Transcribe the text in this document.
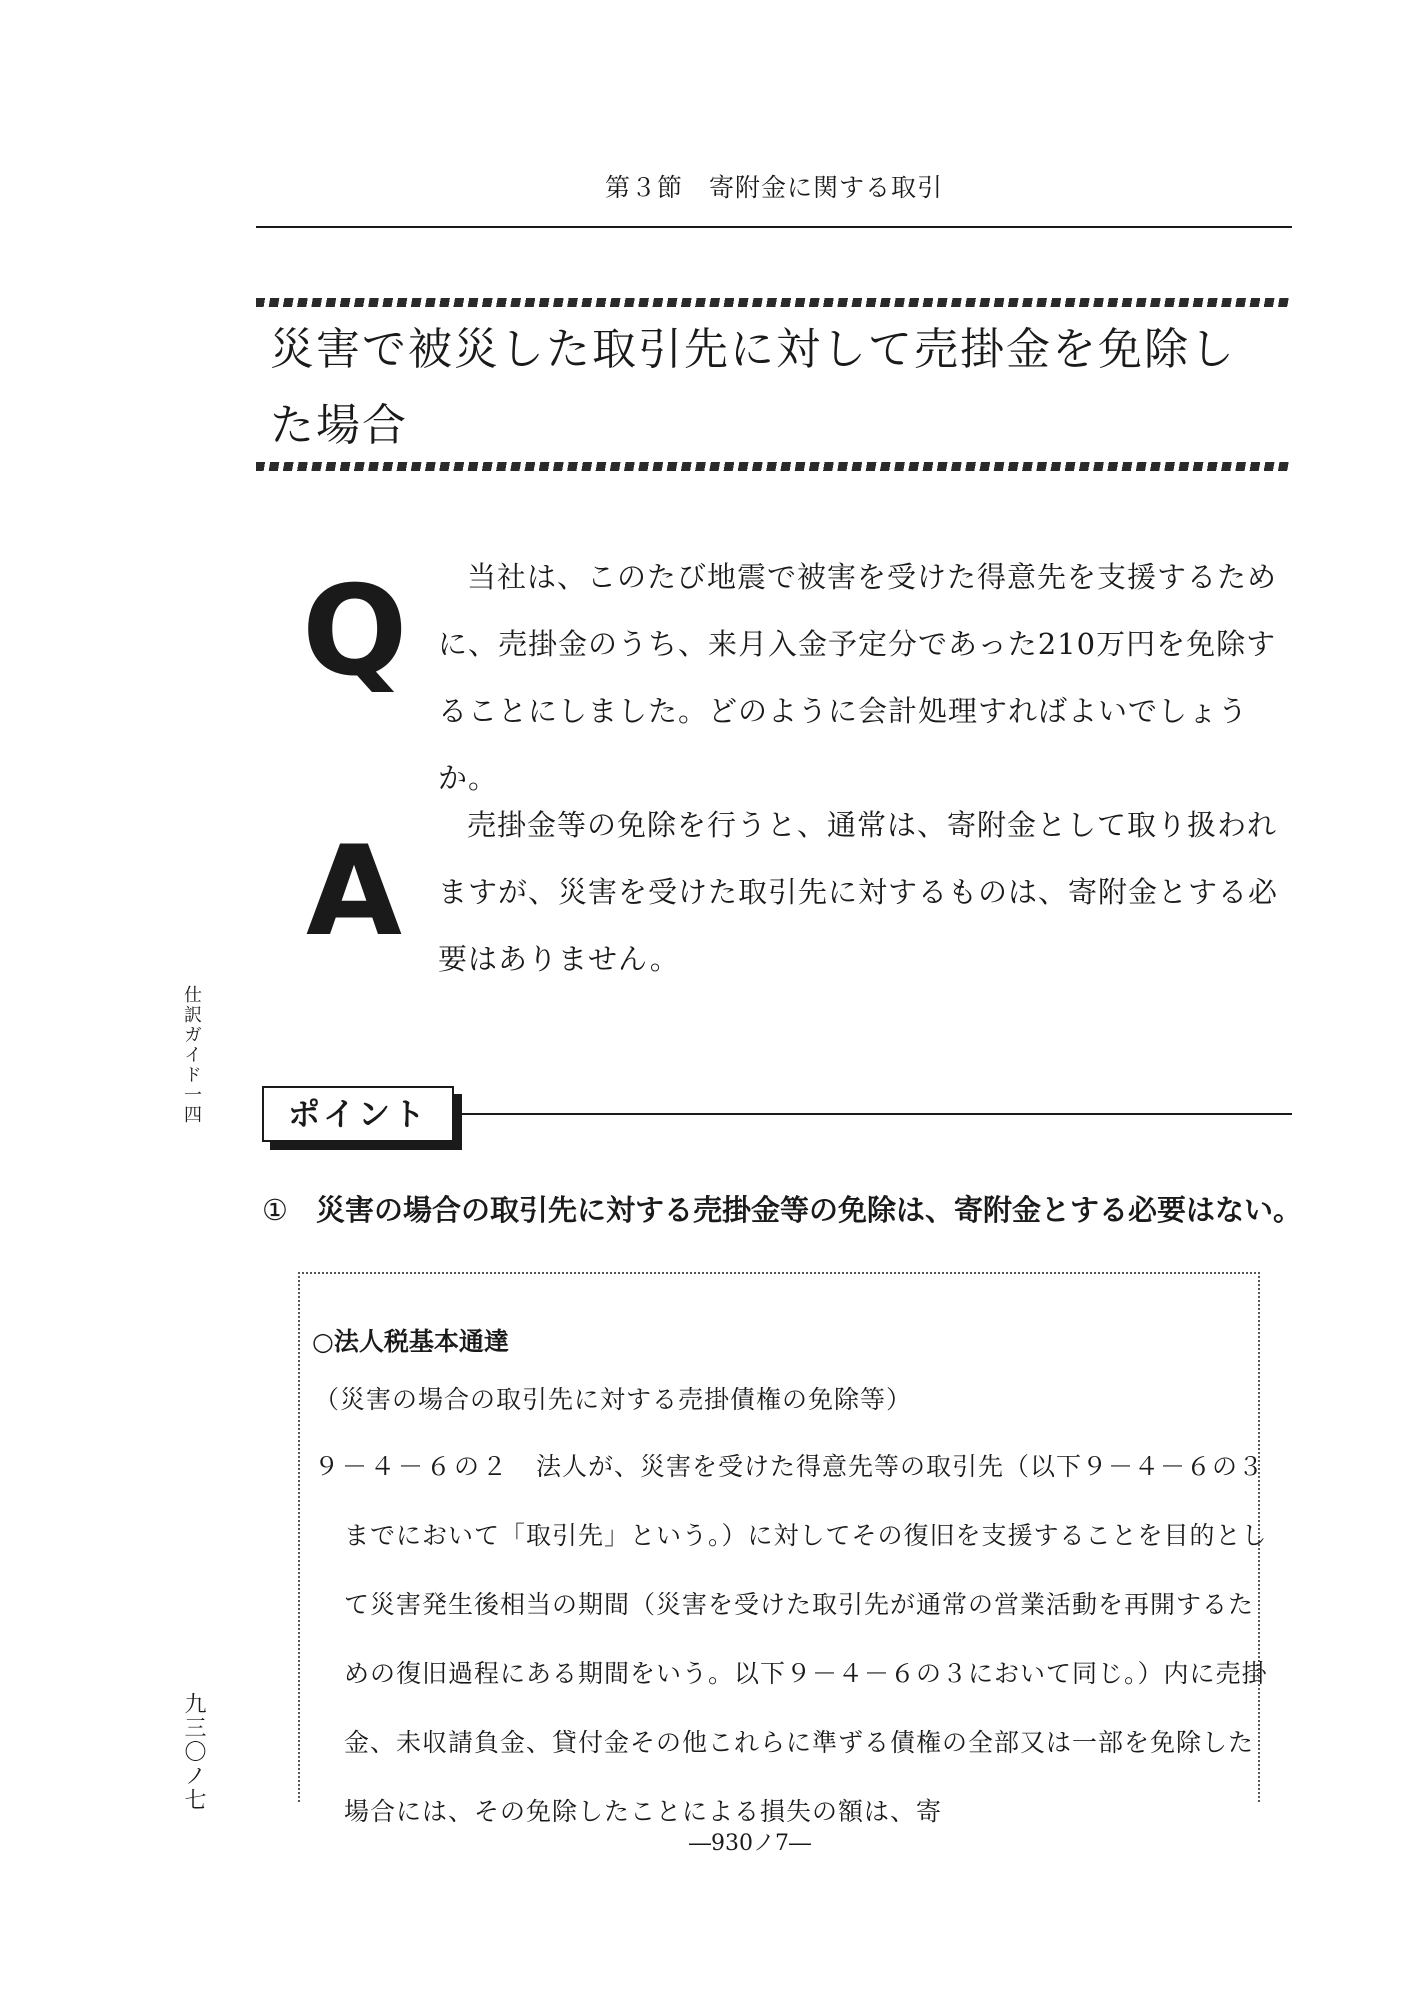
第３節　寄附金に関する取引
災害で被災した取引先に対して売掛金を免除し
た場合
Q	当社は、このたび地震で被害を受けた得意先を支援するために、売掛金のうち、来月入金予定分であった210万円を免除することにしました。どのように会計処理すればよいでしょうか。
A	売掛金等の免除を行うと、通常は、寄附金として取り扱われますが、災害を受けた取引先に対するものは、寄附金とする必要はありません。
仕訳ガイド一四
九三〇ノ七
ポイント
① 災害の場合の取引先に対する売掛金等の免除は、寄附金とする必要はない。
○法人税基本通達
（災害の場合の取引先に対する売掛債権の免除等）
９－４－６の２　法人が、災害を受けた得意先等の取引先（以下９－４－６の３までにおいて「取引先」という。）に対してその復旧を支援することを目的として災害発生後相当の期間（災害を受けた取引先が通常の営業活動を再開するための復旧過程にある期間をいう。以下９－４－６の３において同じ。）内に売掛金、未収請負金、貸付金その他これらに準ずる債権の全部又は一部を免除した場合には、その免除したことによる損失の額は、寄
―930ノ7―
